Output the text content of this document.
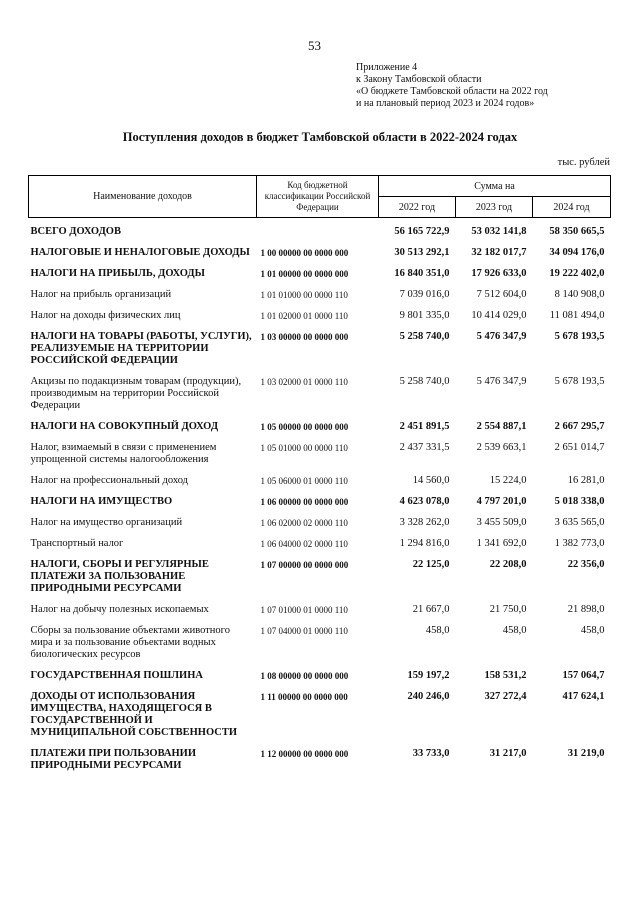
53
Приложение 4
к Закону Тамбовской области
«О бюджете Тамбовской области на 2022 год
и на плановый период 2023 и 2024 годов»
Поступления доходов в бюджет Тамбовской области в 2022-2024 годах
тыс. рублей
Наименование доходов	Код бюджетной классификации Российской Федерации	Сумма на		
		2022 год	2023 год	2024 год
ВСЕГО ДОХОДОВ		56 165 722,9	53 032 141,8	58 350 665,5
НАЛОГОВЫЕ И НЕНАЛОГОВЫЕ ДОХОДЫ	1 00 00000 00 0000 000	30 513 292,1	32 182 017,7	34 094 176,0
НАЛОГИ НА ПРИБЫЛЬ, ДОХОДЫ	1 01 00000 00 0000 000	16 840 351,0	17 926 633,0	19 222 402,0
Налог на прибыль организаций	1 01 01000 00 0000 110	7 039 016,0	7 512 604,0	8 140 908,0
Налог на доходы физических лиц	1 01 02000 01 0000 110	9 801 335,0	10 414 029,0	11 081 494,0
НАЛОГИ НА ТОВАРЫ (РАБОТЫ, УСЛУГИ), РЕАЛИЗУЕМЫЕ НА ТЕРРИТОРИИ РОССИЙСКОЙ ФЕДЕРАЦИИ	1 03 00000 00 0000 000	5 258 740,0	5 476 347,9	5 678 193,5
Акцизы по подакцизным товарам (продукции), производимым на территории Российской Федерации	1 03 02000 01 0000 110	5 258 740,0	5 476 347,9	5 678 193,5
НАЛОГИ НА СОВОКУПНЫЙ ДОХОД	1 05 00000 00 0000 000	2 451 891,5	2 554 887,1	2 667 295,7
Налог, взимаемый в связи с применением упрощенной системы налогообложения	1 05 01000 00 0000 110	2 437 331,5	2 539 663,1	2 651 014,7
Налог на профессиональный доход	1 05 06000 01 0000 110	14 560,0	15 224,0	16 281,0
НАЛОГИ НА ИМУЩЕСТВО	1 06 00000 00 0000 000	4 623 078,0	4 797 201,0	5 018 338,0
Налог на имущество организаций	1 06 02000 02 0000 110	3 328 262,0	3 455 509,0	3 635 565,0
Транспортный налог	1 06 04000 02 0000 110	1 294 816,0	1 341 692,0	1 382 773,0
НАЛОГИ, СБОРЫ И РЕГУЛЯРНЫЕ ПЛАТЕЖИ ЗА ПОЛЬЗОВАНИЕ ПРИРОДНЫМИ РЕСУРСАМИ	1 07 00000 00 0000 000	22 125,0	22 208,0	22 356,0
Налог на добычу полезных ископаемых	1 07 01000 01 0000 110	21 667,0	21 750,0	21 898,0
Сборы за пользование объектами животного мира и за пользование объектами водных биологических ресурсов	1 07 04000 01 0000 110	458,0	458,0	458,0
ГОСУДАРСТВЕННАЯ ПОШЛИНА	1 08 00000 00 0000 000	159 197,2	158 531,2	157 064,7
ДОХОДЫ ОТ ИСПОЛЬЗОВАНИЯ ИМУЩЕСТВА, НАХОДЯЩЕГОСЯ В ГОСУДАРСТВЕННОЙ И МУНИЦИПАЛЬНОЙ СОБСТВЕННОСТИ	1 11 00000 00 0000 000	240 246,0	327 272,4	417 624,1
ПЛАТЕЖИ ПРИ ПОЛЬЗОВАНИИ ПРИРОДНЫМИ РЕСУРСАМИ	1 12 00000 00 0000 000	33 733,0	31 217,0	31 219,0
